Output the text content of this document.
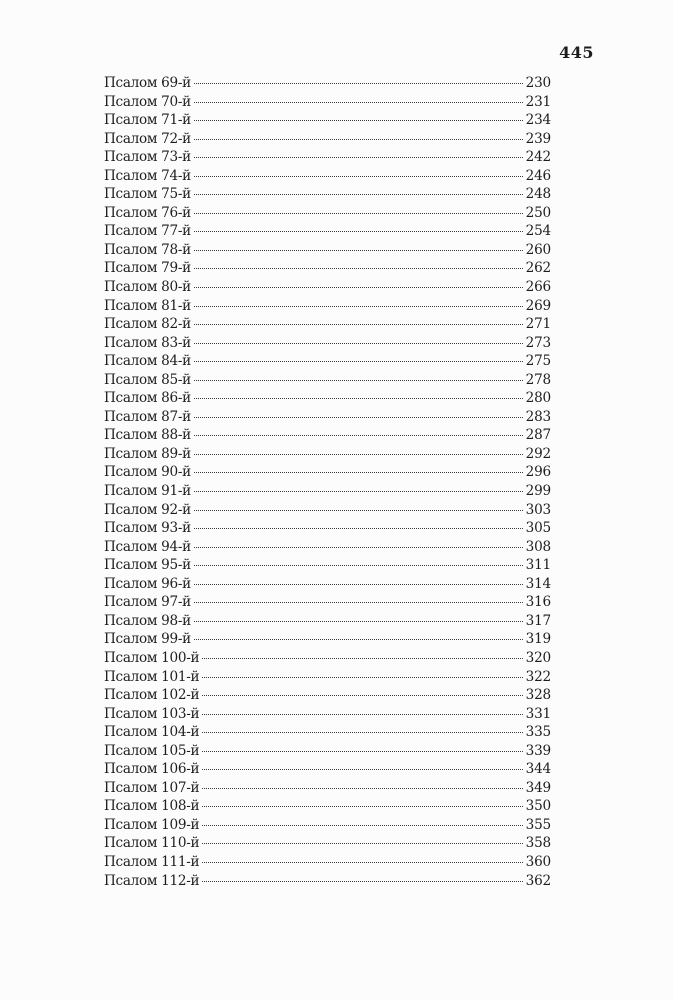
445
Псалом 69-й	230
Псалом 70-й	231
Псалом 71-й	234
Псалом 72-й	239
Псалом 73-й	242
Псалом 74-й	246
Псалом 75-й	248
Псалом 76-й	250
Псалом 77-й	254
Псалом 78-й	260
Псалом 79-й	262
Псалом 80-й	266
Псалом 81-й	269
Псалом 82-й	271
Псалом 83-й	273
Псалом 84-й	275
Псалом 85-й	278
Псалом 86-й	280
Псалом 87-й	283
Псалом 88-й	287
Псалом 89-й	292
Псалом 90-й	296
Псалом 91-й	299
Псалом 92-й	303
Псалом 93-й	305
Псалом 94-й	308
Псалом 95-й	311
Псалом 96-й	314
Псалом 97-й	316
Псалом 98-й	317
Псалом 99-й	319
Псалом 100-й	320
Псалом 101-й	322
Псалом 102-й	328
Псалом 103-й	331
Псалом 104-й	335
Псалом 105-й	339
Псалом 106-й	344
Псалом 107-й	349
Псалом 108-й	350
Псалом 109-й	355
Псалом 110-й	358
Псалом 111-й	360
Псалом 112-й	362
